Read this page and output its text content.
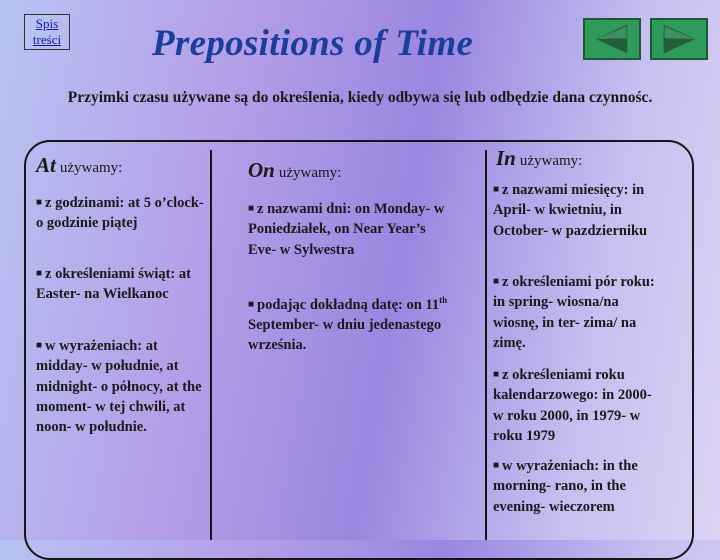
Spis
treści Prepositions of Time

Przyimki czasu używane są do określenia, kiedy odbywa się lub odbędzie dana czynnośc.

At używamy:

■ z godzinami: at 5 o’clock- o godzinie piątej

■ z określeniami świąt: at Easter- na Wielkanoc

■ w wyrażeniach: at midday- w południe, at midnight- o północy, at the moment- w tej chwili, at noon- w południe.

On używamy:

■ z nazwami dni: on Monday- w Poniedziałek, on Near Year’s Eve- w Sylwestra

■ podając dokładną datę: on 11th September- w dniu jedenastego września.

In używamy:

■ z nazwami miesięcy: in April- w kwietniu, in October- w pazdzierniku

■ z określeniami pór roku: in spring- wiosna/na wiosnę, in ter- zima/ na zimę.

■ z określeniami roku kalendarzowego: in 2000- w roku 2000, in 1979- w roku 1979

■ w wyrażeniach: in the morning- rano, in the evening- wieczorem
